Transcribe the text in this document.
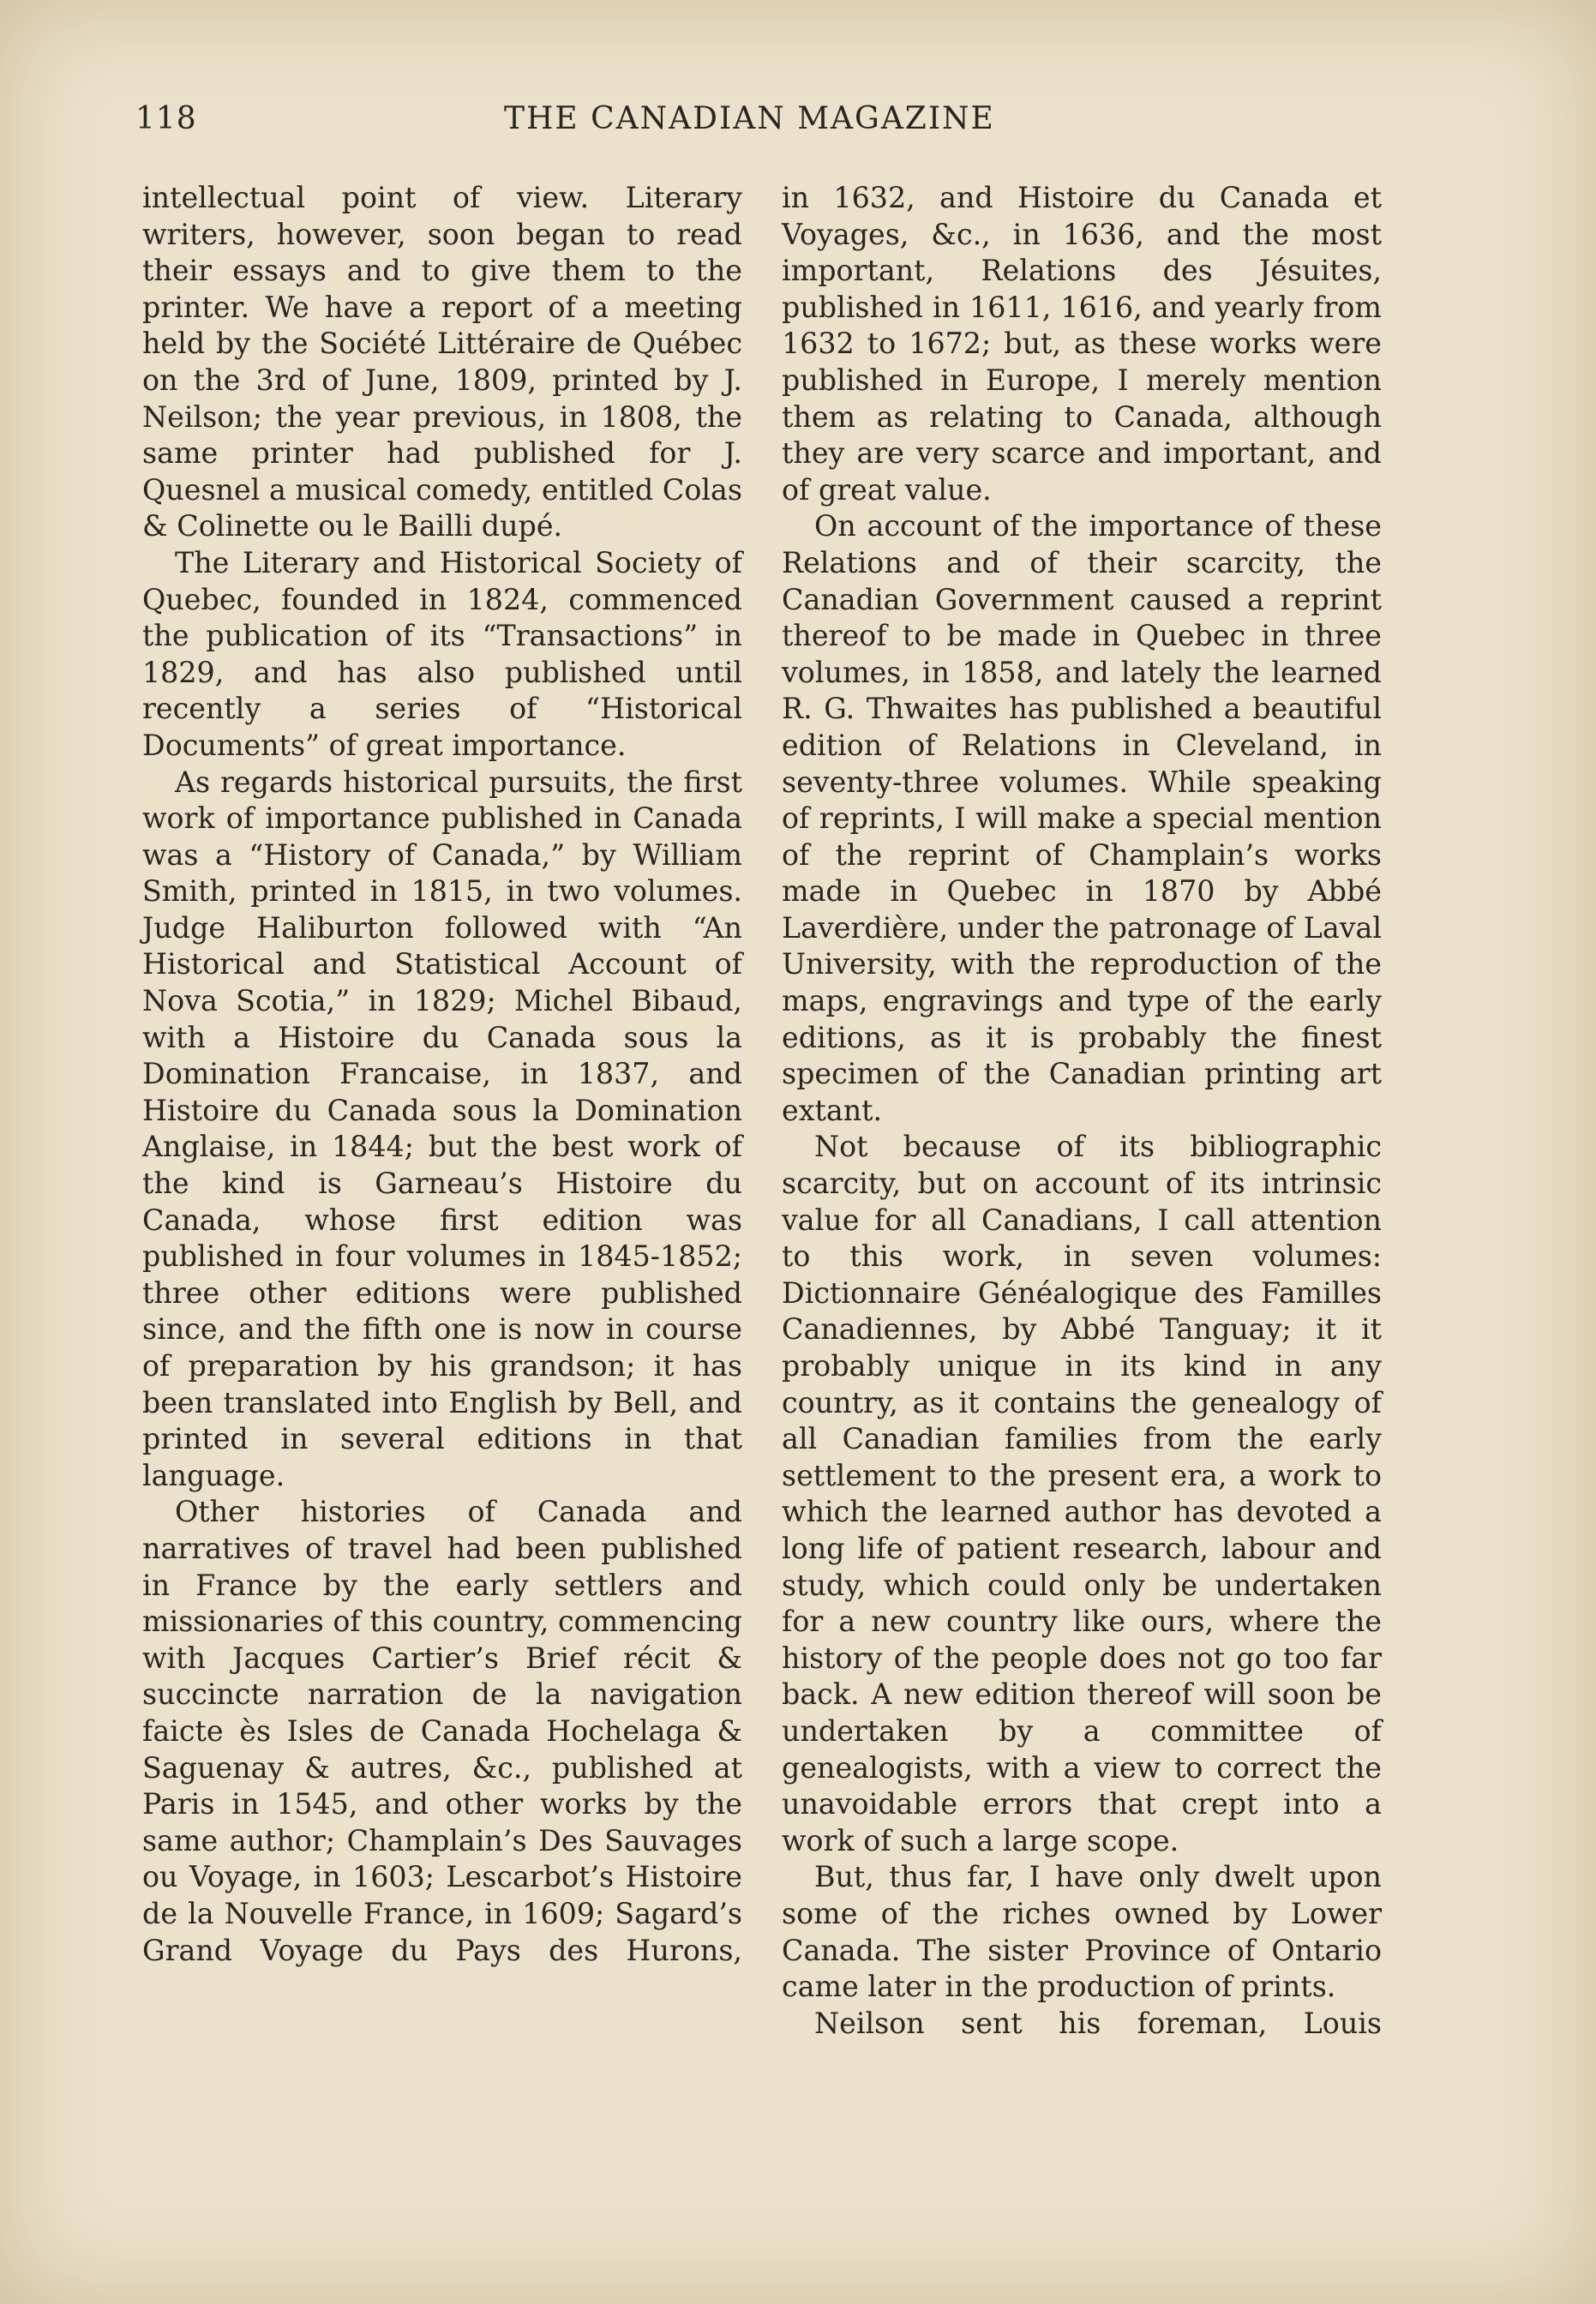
118	THE CANADIAN MAGAZINE

intellectual point of view. Literary writers, however, soon began to read their essays and to give them to the printer. We have a report of a meeting held by the Société Littéraire de Québec on the 3rd of June, 1809, printed by J. Neilson; the year previous, in 1808, the same printer had published for J. Quesnel a musical comedy, entitled Colas & Colinette ou le Bailli dupé.

The Literary and Historical Society of Quebec, founded in 1824, commenced the publication of its “Transactions” in 1829, and has also published until recently a series of “Historical Documents” of great importance.

As regards historical pursuits, the first work of importance published in Canada was a “History of Canada,” by William Smith, printed in 1815, in two volumes. Judge Haliburton followed with “An Historical and Statistical Account of Nova Scotia,” in 1829; Michel Bibaud, with a Histoire du Canada sous la Domination Francaise, in 1837, and Histoire du Canada sous la Domination Anglaise, in 1844; but the best work of the kind is Garneau’s Histoire du Canada, whose first edition was published in four volumes in 1845-1852; three other editions were published since, and the fifth one is now in course of preparation by his grandson; it has been translated into English by Bell, and printed in several editions in that language.

Other histories of Canada and narratives of travel had been published in France by the early settlers and missionaries of this country, commencing with Jacques Cartier’s Brief récit & succincte narration de la navigation faicte ès Isles de Canada Hochelaga & Saguenay & autres, &c., published at Paris in 1545, and other works by the same author; Champlain’s Des Sauvages ou Voyage, in 1603; Lescarbot’s Histoire de la Nouvelle France, in 1609; Sagard’s Grand Voyage du Pays des Hurons,

in 1632, and Histoire du Canada et Voyages, &c., in 1636, and the most important, Relations des Jésuites, published in 1611, 1616, and yearly from 1632 to 1672; but, as these works were published in Europe, I merely mention them as relating to Canada, although they are very scarce and important, and of great value.

On account of the importance of these Relations and of their scarcity, the Canadian Government caused a reprint thereof to be made in Quebec in three volumes, in 1858, and lately the learned R. G. Thwaites has published a beautiful edition of Relations in Cleveland, in seventy-three volumes. While speaking of reprints, I will make a special mention of the reprint of Champlain’s works made in Quebec in 1870 by Abbé Laverdière, under the patronage of Laval University, with the reproduction of the maps, engravings and type of the early editions, as it is probably the finest specimen of the Canadian printing art extant.

Not because of its bibliographic scarcity, but on account of its intrinsic value for all Canadians, I call attention to this work, in seven volumes: Dictionnaire Généalogique des Familles Canadiennes, by Abbé Tanguay; it it probably unique in its kind in any country, as it contains the genealogy of all Canadian families from the early settlement to the present era, a work to which the learned author has devoted a long life of patient research, labour and study, which could only be undertaken for a new country like ours, where the history of the people does not go too far back. A new edition thereof will soon be undertaken by a committee of genealogists, with a view to correct the unavoidable errors that crept into a work of such a large scope.

But, thus far, I have only dwelt upon some of the riches owned by Lower Canada. The sister Province of Ontario came later in the production of prints.

Neilson sent his foreman, Louis
